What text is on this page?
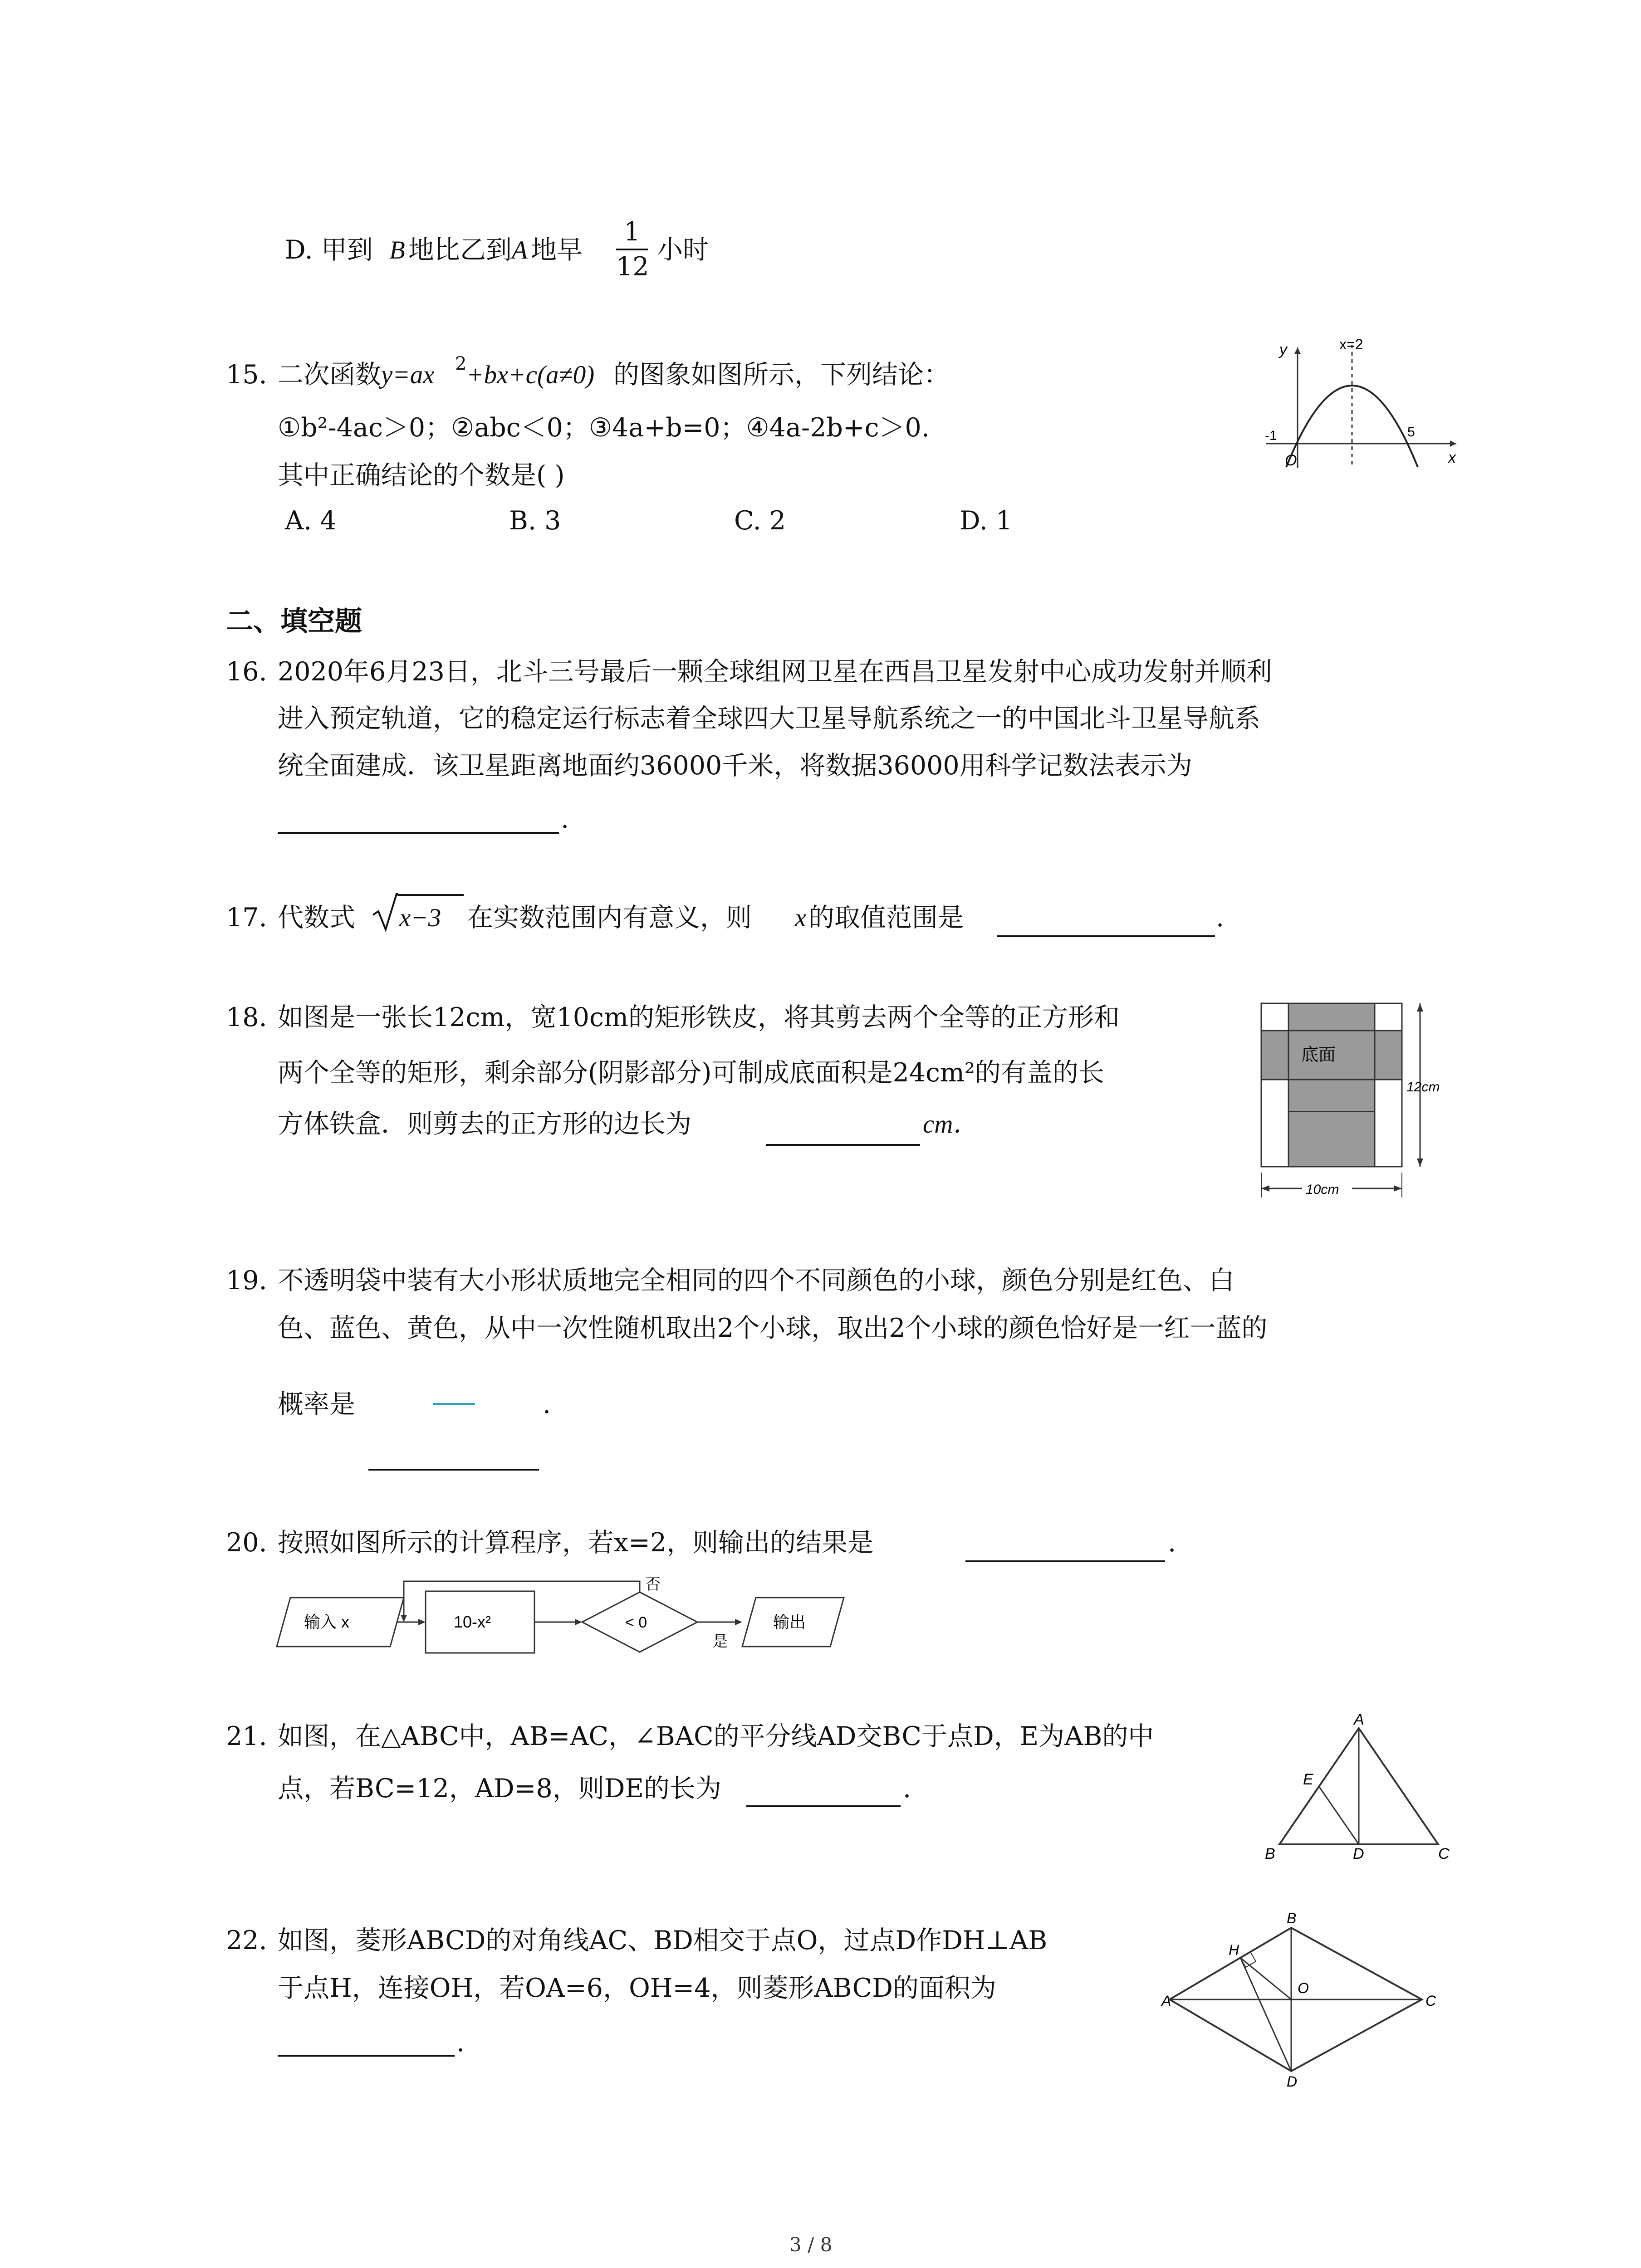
D. 甲到 B 地比乙到 A 地早
1
12
小时
15. 二次函数 y=ax 2 +bx+c(a≠0) 的图象如图所示，下列结论：
①b²-4ac＞0；②abc＜0；③4a+b=0；④4a-2b+c＞0.
其中正确结论的个数是( )
A. 4	B. 3	C. 2	D. 1
y
x
x=2
-1
O
5
二、填空题
16. 2020年6月23日，北斗三号最后一颗全球组网卫星在西昌卫星发射中心成功发射并顺利
进入预定轨道，它的稳定运行标志着全球四大卫星导航系统之一的中国北斗卫星导航系
统全面建成．该卫星距离地面约36000千米，将数据36000用科学记数法表示为
.
17. 代数式 x−3 在实数范围内有意义，则 x 的取值范围是	.
18. 如图是一张长12cm，宽10cm的矩形铁皮，将其剪去两个全等的正方形和
两个全等的矩形，剩余部分(阴影部分)可制成底面积是24cm²的有盖的长
方体铁盒．则剪去的正方形的边长为	cm．
底面
12cm
10cm
19. 不透明袋中装有大小形状质地完全相同的四个不同颜色的小球，颜色分别是红色、白
色、蓝色、黄色，从中一次性随机取出2个小球，取出2个小球的颜色恰好是一红一蓝的
概率是	.
20. 按照如图所示的计算程序，若x=2，则输出的结果是	.
输入 x	10-x²	< 0
否
是
输出
21. 如图，在△ABC中，AB=AC，∠BAC的平分线AD交BC于点D，E为AB的中
点，若BC=12，AD=8，则DE的长为	.
A
B	C
D
E
22. 如图，菱形ABCD的对角线AC、BD相交于点O，过点D作DH⊥AB
于点H，连接OH，若OA=6，OH=4，则菱形ABCD的面积为
.
A
B
C
D
H
O
3 / 8
